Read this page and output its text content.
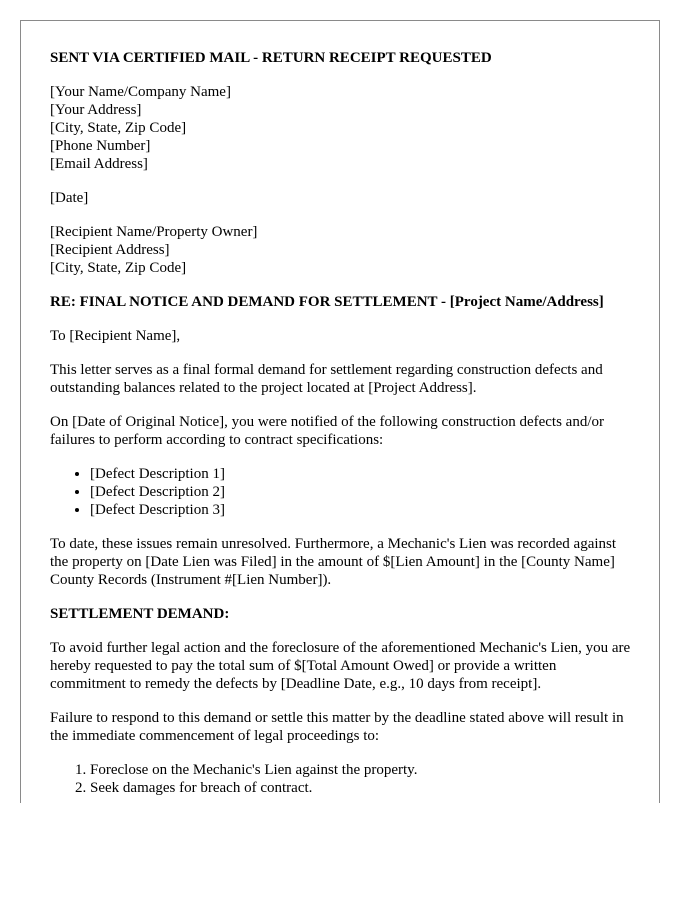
SENT VIA CERTIFIED MAIL - RETURN RECEIPT REQUESTED

[Your Name/Company Name]
[Your Address]
[City, State, Zip Code]
[Phone Number]
[Email Address]

[Date]

[Recipient Name/Property Owner]
[Recipient Address]
[City, State, Zip Code]

RE: FINAL NOTICE AND DEMAND FOR SETTLEMENT - [Project Name/Address]

To [Recipient Name],

This letter serves as a final formal demand for settlement regarding construction defects and outstanding balances related to the project located at [Project Address].

On [Date of Original Notice], you were notified of the following construction defects and/or failures to perform according to contract specifications:

• [Defect Description 1]
• [Defect Description 2]
• [Defect Description 3]

To date, these issues remain unresolved. Furthermore, a Mechanic's Lien was recorded against the property on [Date Lien was Filed] in the amount of $[Lien Amount] in the [County Name] County Records (Instrument #[Lien Number]).

SETTLEMENT DEMAND:

To avoid further legal action and the foreclosure of the aforementioned Mechanic's Lien, you are hereby requested to pay the total sum of $[Total Amount Owed] or provide a written commitment to remedy the defects by [Deadline Date, e.g., 10 days from receipt].

Failure to respond to this demand or settle this matter by the deadline stated above will result in the immediate commencement of legal proceedings to:

1. Foreclose on the Mechanic's Lien against the property.
2. Seek damages for breach of contract.
